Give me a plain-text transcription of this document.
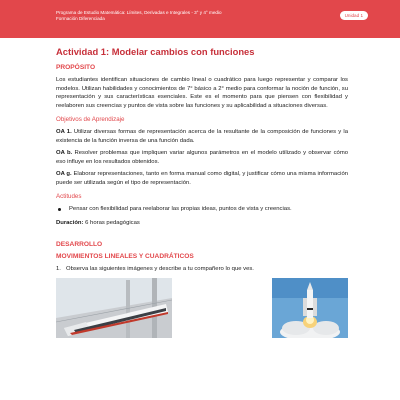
Programa de Estudio Matemática: Límites, Derivadas e Integrales - 3° y 4° medio
Formación Diferenciada
Unidad 1
Actividad 1: Modelar cambios con funciones
PROPÓSITO

Los estudiantes identifican situaciones de cambio lineal o cuadrático para luego representar y comparar los modelos. Utilizan habilidades y conocimientos de 7° básico a 2° medio para conformar la noción de función, su representación y sus características esenciales. Este es el momento para que piensen con flexibilidad y reelaboren sus creencias y puntos de vista sobre las funciones y su aplicabilidad a situaciones diversas.

Objetivos de Aprendizaje

OA 1. Utilizar diversas formas de representación acerca de la resultante de la composición de funciones y la existencia de la función inversa de una función dada.

OA b. Resolver problemas que impliquen variar algunos parámetros en el modelo utilizado y observar cómo eso influye en los resultados obtenidos.

OA g. Elaborar representaciones, tanto en forma manual como digital, y justificar cómo una misma información puede ser utilizada según el tipo de representación.

Actitudes
Pensar con flexibilidad para reelaborar las propias ideas, puntos de vista y creencias.

Duración: 6 horas pedagógicas

DESARROLLO
MOVIMIENTOS LINEALES Y CUADRÁTICOS
1. Observa las siguientes imágenes y describe a tu compañero lo que ves.
